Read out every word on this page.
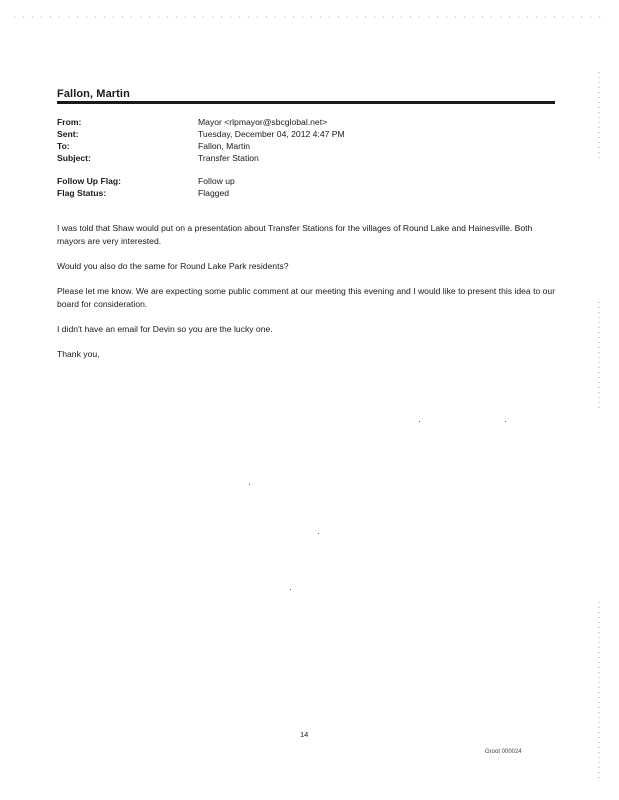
Fallon, Martin
From:	Mayor <rlpmayor@sbcglobal.net>
Sent:	Tuesday, December 04, 2012 4:47 PM
To:	Fallon, Martin
Subject:	Transfer Station
Follow Up Flag:	Follow up
Flag Status:	Flagged
I was told that Shaw would put on a presentation about Transfer Stations for the villages of Round Lake and Hainesville. Both mayors are very interested.
Would you also do the same for Round Lake Park residents?
Please let me know. We are expecting some public comment at our meeting this evening and I would like to present this idea to our board for consideration.
I didn't have an email for Devin so you are the lucky one.
Thank you,
14
Groot 000024
